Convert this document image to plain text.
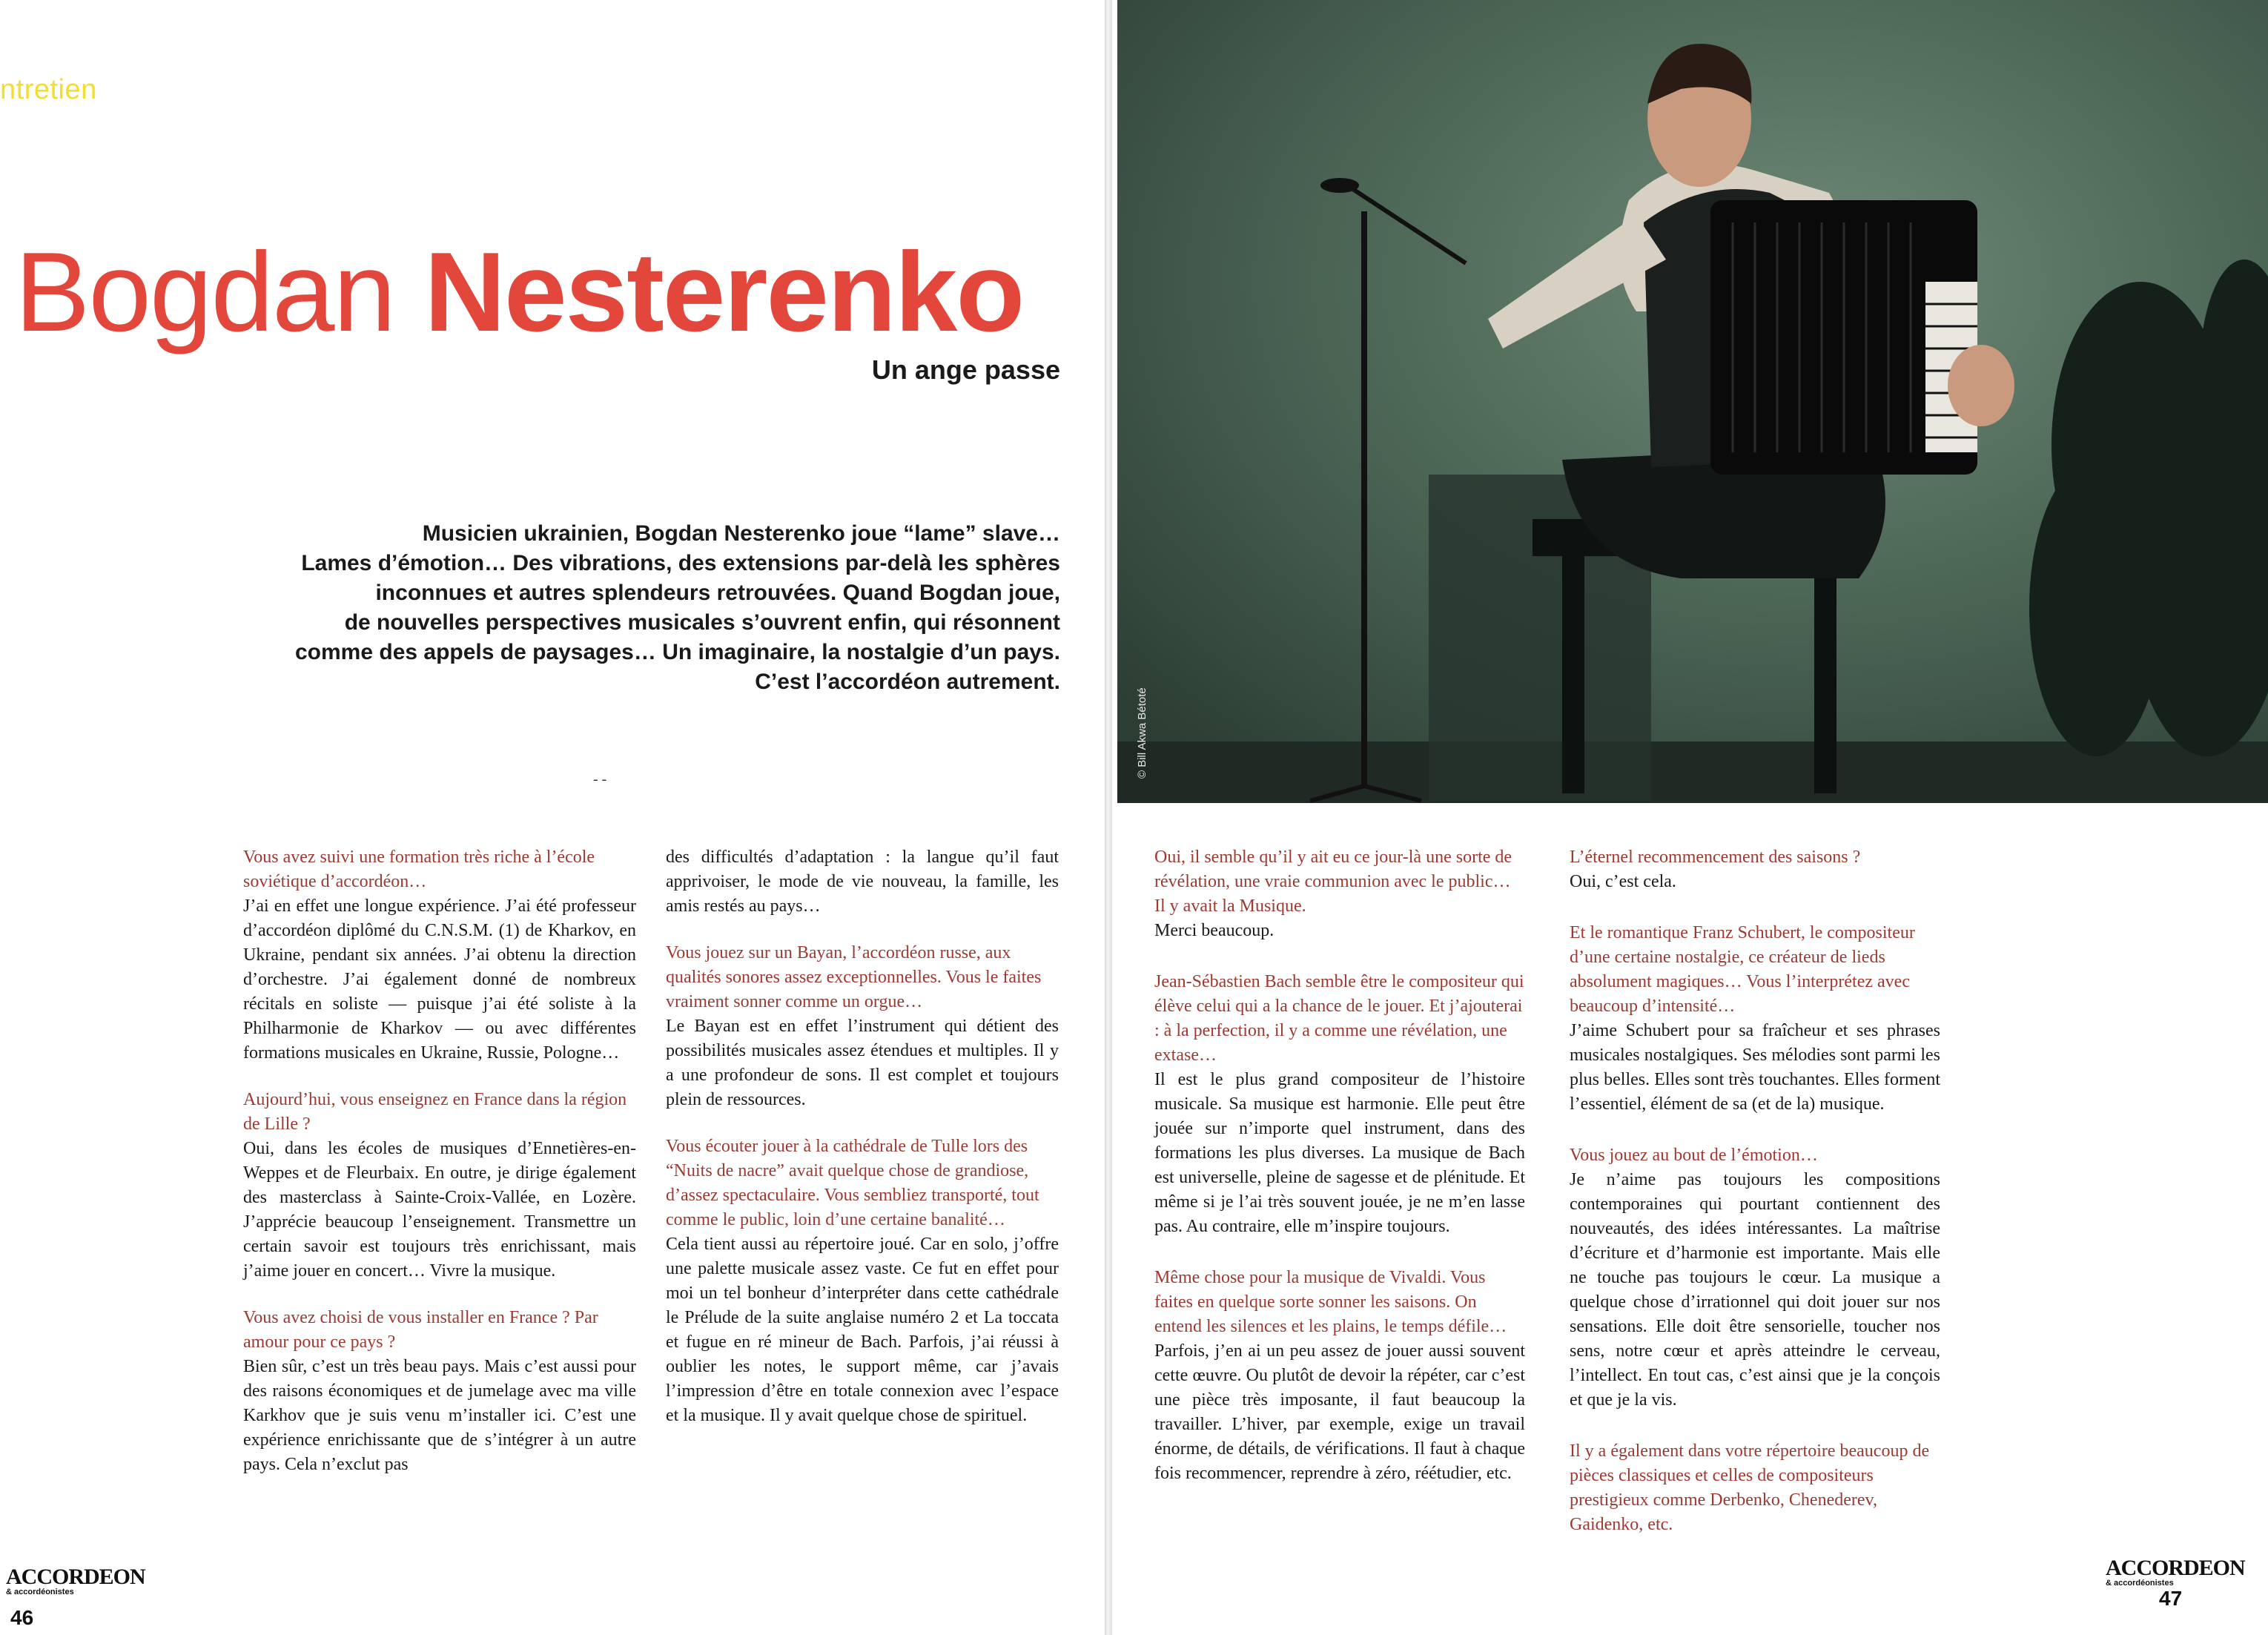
ntretien
Bogdan Nesterenko
Un ange passe
Musicien ukrainien, Bogdan Nesterenko joue “lame” slave…
Lames d’émotion… Des vibrations, des extensions par-delà les sphères
inconnues et autres splendeurs retrouvées. Quand Bogdan joue,
de nouvelles perspectives musicales s’ouvrent enfin, qui résonnent
comme des appels de paysages… Un imaginaire, la nostalgie d’un pays.
C’est l’accordéon autrement.
- -

Vous avez suivi une formation très riche à l’école soviétique d’accordéon…

J’ai en effet une longue expérience. J’ai été professeur d’accordéon diplômé du C.N.S.M. (1) de Kharkov, en Ukraine, pendant six années. J’ai obtenu la direction d’orchestre. J’ai également donné de nombreux récitals en soliste — puisque j’ai été soliste à la Philharmonie de Kharkov — ou avec différentes formations musicales en Ukraine, Russie, Pologne…

Aujourd’hui, vous enseignez en France dans la région de Lille ?

Oui, dans les écoles de musiques d’Ennetières-en-Weppes et de Fleurbaix. En outre, je dirige également des masterclass à Sainte-Croix-Vallée, en Lozère. J’apprécie beaucoup l’enseignement. Transmettre un certain savoir est toujours très enrichissant, mais j’aime jouer en concert… Vivre la musique.

Vous avez choisi de vous installer en France ? Par amour pour ce pays ?

Bien sûr, c’est un très beau pays. Mais c’est aussi pour des raisons économiques et de jumelage avec ma ville Karkhov que je suis venu m’installer ici. C’est une expérience enrichissante que de s’intégrer à un autre pays. Cela n’exclut pas

des difficultés d’adaptation : la langue qu’il faut apprivoiser, le mode de vie nouveau, la famille, les amis restés au pays…

Vous jouez sur un Bayan, l’accordéon russe, aux qualités sonores assez exceptionnelles. Vous le faites vraiment sonner comme un orgue…

Le Bayan est en effet l’instrument qui détient des possibilités musicales assez étendues et multiples. Il y a une profondeur de sons. Il est complet et toujours plein de ressources.

Vous écouter jouer à la cathédrale de Tulle lors des “Nuits de nacre” avait quelque chose de grandiose, d’assez spectaculaire. Vous sembliez transporté, tout comme le public, loin d’une certaine banalité…

Cela tient aussi au répertoire joué. Car en solo, j’offre une palette musicale assez vaste. Ce fut en effet pour moi un tel bonheur d’interpréter dans cette cathédrale le Prélude de la suite anglaise numéro 2 et La toccata et fugue en ré mineur de Bach. Parfois, j’ai réussi à oublier les notes, le support même, car j’avais l’impression d’être en totale connexion avec l’espace et la musique. Il y avait quelque chose de spirituel.

ACCORDEON
& accordéonistes
46
© Bill Akwa Bétoté

Oui, il semble qu’il y ait eu ce jour-là une sorte de révélation, une vraie communion avec le public… Il y avait la Musique.

Merci beaucoup.

Jean-Sébastien Bach semble être le compositeur qui élève celui qui a la chance de le jouer. Et j’ajouterai : à la perfection, il y a comme une révélation, une extase…

Il est le plus grand compositeur de l’histoire musicale. Sa musique est harmonie. Elle peut être jouée sur n’importe quel instrument, dans des formations les plus diverses. La musique de Bach est universelle, pleine de sagesse et de plénitude. Et même si je l’ai très souvent jouée, je ne m’en lasse pas. Au contraire, elle m’inspire toujours.

Même chose pour la musique de Vivaldi. Vous faites en quelque sorte sonner les saisons. On entend les silences et les plains, le temps défile…

Parfois, j’en ai un peu assez de jouer aussi souvent cette œuvre. Ou plutôt de devoir la répéter, car c’est une pièce très imposante, il faut beaucoup la travailler. L’hiver, par exemple, exige un travail énorme, de détails, de vérifications. Il faut à chaque fois recommencer, reprendre à zéro, réétudier, etc.

L’éternel recommencement des saisons ?

Oui, c’est cela.

Et le romantique Franz Schubert, le compositeur d’une certaine nostalgie, ce créateur de lieds absolument magiques… Vous l’interprétez avec beaucoup d’intensité…

J’aime Schubert pour sa fraîcheur et ses phrases musicales nostalgiques. Ses mélodies sont parmi les plus belles. Elles sont très touchantes. Elles forment l’essentiel, élément de sa (et de la) musique.

Vous jouez au bout de l’émotion…

Je n’aime pas toujours les compositions contemporaines qui pourtant contiennent des nouveautés, des idées intéressantes. La maîtrise d’écriture et d’harmonie est importante. Mais elle ne touche pas toujours le cœur. La musique a quelque chose d’irrationnel qui doit jouer sur nos sensations. Elle doit être sensorielle, toucher nos sens, notre cœur et après atteindre le cerveau, l’intellect. En tout cas, c’est ainsi que je la conçois et que je la vis.

Il y a également dans votre répertoire beaucoup de pièces classiques et celles de compositeurs prestigieux comme Derbenko, Chenederev, Gaidenko, etc.

ACCORDEON
& accordéonistes
47
